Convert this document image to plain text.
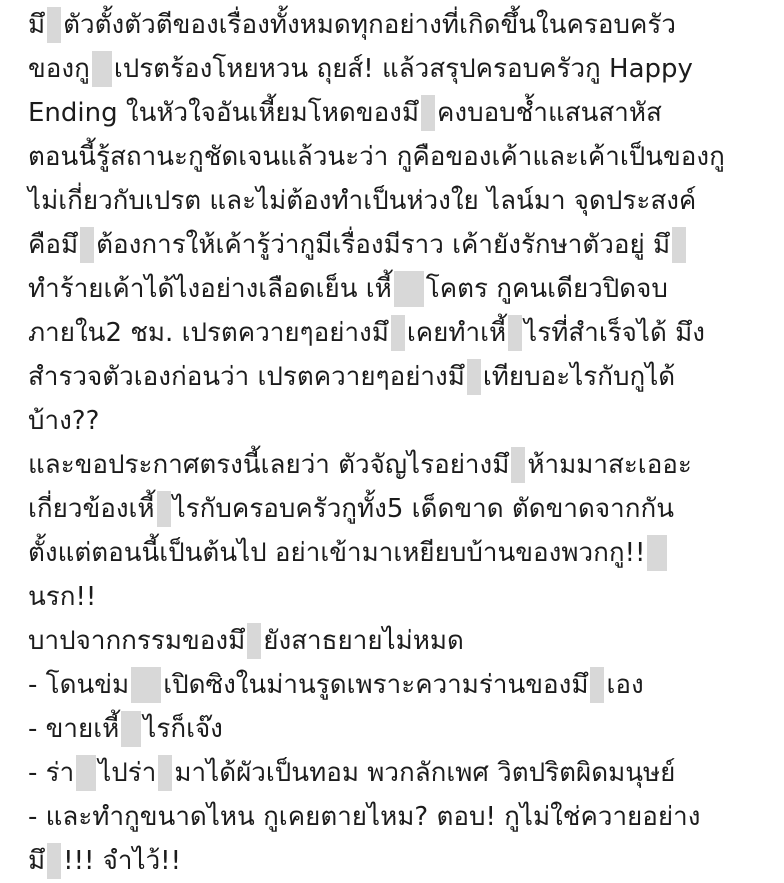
มึ ตัวตั้งตัวตีของเรื่องทั้งหมดทุกอย่างที่เกิดขึ้นในครอบครัว
ของกู เปรตร้องโหยหวน ถุยส์! แล้วสรุปครอบครัวกู Happy
Ending ในหัวใจอันเหี้ยมโหดของมึ คงบอบช้ำแสนสาหัส
ตอนนี้รู้สถานะกูชัดเจนแล้วนะว่า กูคือของเค้าและเค้าเป็นของกู
ไม่เกี่ยวกับเปรต และไม่ต้องทำเป็นห่วงใย ไลน์มา จุดประสงค์
คือมึ ต้องการให้เค้ารู้ว่ากูมีเรื่องมีราว เค้ายังรักษาตัวอยู่ มึ
ทำร้ายเค้าได้ไงอย่างเลือดเย็น เหี้ โคตร กูคนเดียวปิดจบ
ภายใน2 ชม. เปรตควายๆอย่างมึ เคยทำเหี้ ไรที่สำเร็จได้ มึง
สำรวจตัวเองก่อนว่า เปรตควายๆอย่างมึ เทียบอะไรกับกูได้
บ้าง??
และขอประกาศตรงนี้เลยว่า ตัวจัญไรอย่างมึ ห้ามมาสะเออะ
เกี่ยวข้องเหี้ ไรกับครอบครัวกูทั้ง5 เด็ดขาด ตัดขาดจากกัน
ตั้งแต่ตอนนี้เป็นต้นไป อย่าเข้ามาเหยียบบ้านของพวกกู!!
นรก!!
บาปจากกรรมของมึ ยังสาธยายไม่หมด
- โดนข่ม เปิดซิงในม่านรูดเพราะความร่านของมึ เอง
- ขายเหี้ ไรก็เจ๊ง
- ร่า ไปร่า มาได้ผัวเป็นทอม พวกลักเพศ วิตปริตผิดมนุษย์
- และทำกูขนาดไหน กูเคยตายไหม? ตอบ! กูไม่ใช่ควายอย่าง
มึ !!! จำไว้!!
